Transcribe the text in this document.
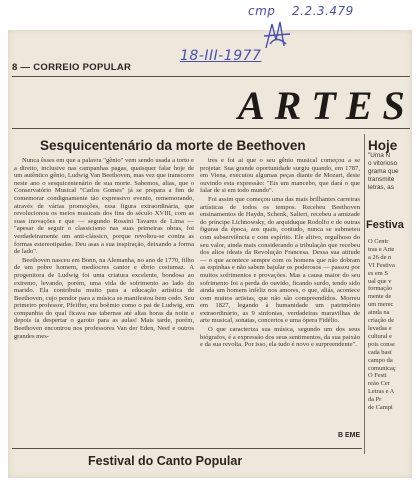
cmp 2.2.3.479
18-III-1977
8 — CORREIO POPULAR
ARTES
Sesquicentenário da morte de Beethoven	Hoje

Nunca êsses em que a palavra "gênio" vem sendo usada a torto e a direito, inclusive nas campanhas pagas, quaisquer falar hoje de um autêntico gênio, Ludwig Van Beethoven, mas vez que transcorre neste ano o sesquicentenário de sua morte. Sabemos, alias, que o Conservatório Musical "Carlos Gomes" já se prepara a fim de comemorar condignamente tão expressivo evento, rememorando, através de várias promoções, essa figura extraordinária, que revolucionou os meios musicais dos fins do século XVIII, com as suas inovações e que — segundo Rossini Tavares de Lima — "apesar de seguir o classicismo nas suas primeiras obras, foi verdadeiramente um anti-clássico, porque revoltou-se contra as formas estereotipadas. Deu asas a sua inspiração, deixando a forma de lado".

Beethoven nasceu em Bonn, na Alemanha, no ano de 1770, filho de um pobre homem, medíocres cantor e ébrio costumaz. A progenitora de Ludwig foi uma criatura excelente, bondosa ao extremo, levando, porém, uma vida de sofrimento ao lado do marido. Ela contribuiu muito para a educação artística de Beethoven, cujo pendor para a música se manifestou bem cedo. Seu primeiro professor, Pfeiffer, era boêmio como o pai de Ludwig, em companhia do qual ficava nas tabernas até altas horas da noite e depois ia despertar o garoto para as aulas! Mais tarde, porém, Beethoven encontrou nos professores Van der Eden, Neef e outros grandes mes-

tres e foi ai que o seu gênio musical começou a se projetar. Sua grande oportunidade surgiu quando, em 1787, em Viena, executou algumas peças diante de Mozart, deste ouvindo esta expressão: "Eis um mancebo, que dará o que falar de si em todo mundo".

Foi assim que começou uma das mais brilhantes carreiras artísticas de todos os tempos. Recebeu Beethoven ensinamentos de Haydn, Schenk, Salieri, recebeu a amizade do príncipe Lichnowsky, do arquiduque Rodolfo e de outras figuras da época, aos quais, contudo, nunca se submeteu com subserviência e com espírito. Ele altivo, orgulhoso do seu valor, ainda mais considerando a tribulação que recebeu dos altos ideais da Revolução Francesa. Dessa sua atitude — o que acontece sempre com os homens que não dobram as espinhas e não sabem bajular os poderosos — passou por muitos sofrimentos e provações. Mas a causa maior do seu sofrimento foi a perda do ouvido, ficando surdo, tendo sido ainda um homem infeliz nos amores, o que, aliás, acontece com muitos artistas, que não são compreendidos. Morreu em 1827, legando à humanidade um patrimônio extraordinário, as 9 sinfonias, verdadeiras maravilhas de arte musical, sonatas, concertos e uma ópera Fidélio.

O que caracteriza sua música, segundo um dos seus biógrafos, é a expressão dos seus sentimentos, da sua paixão e da sua revolta. Por isso, ela tudo é novo e surpreendente".

B EME
"Uma N
o vitorioso
grama que
transmite
letras, as
Festiva
O Centr
tras e Arte
a 26 de n
VI Festiva
es em S
ual que v
formação
mente de
um merec
ainda na
criação de
levadas e
cultural e
pois conse
cada bast
campo da
comunicaç
O Festi
reão Cer
Letras e A
da Pr
de Campi
Festival do Canto Popular
